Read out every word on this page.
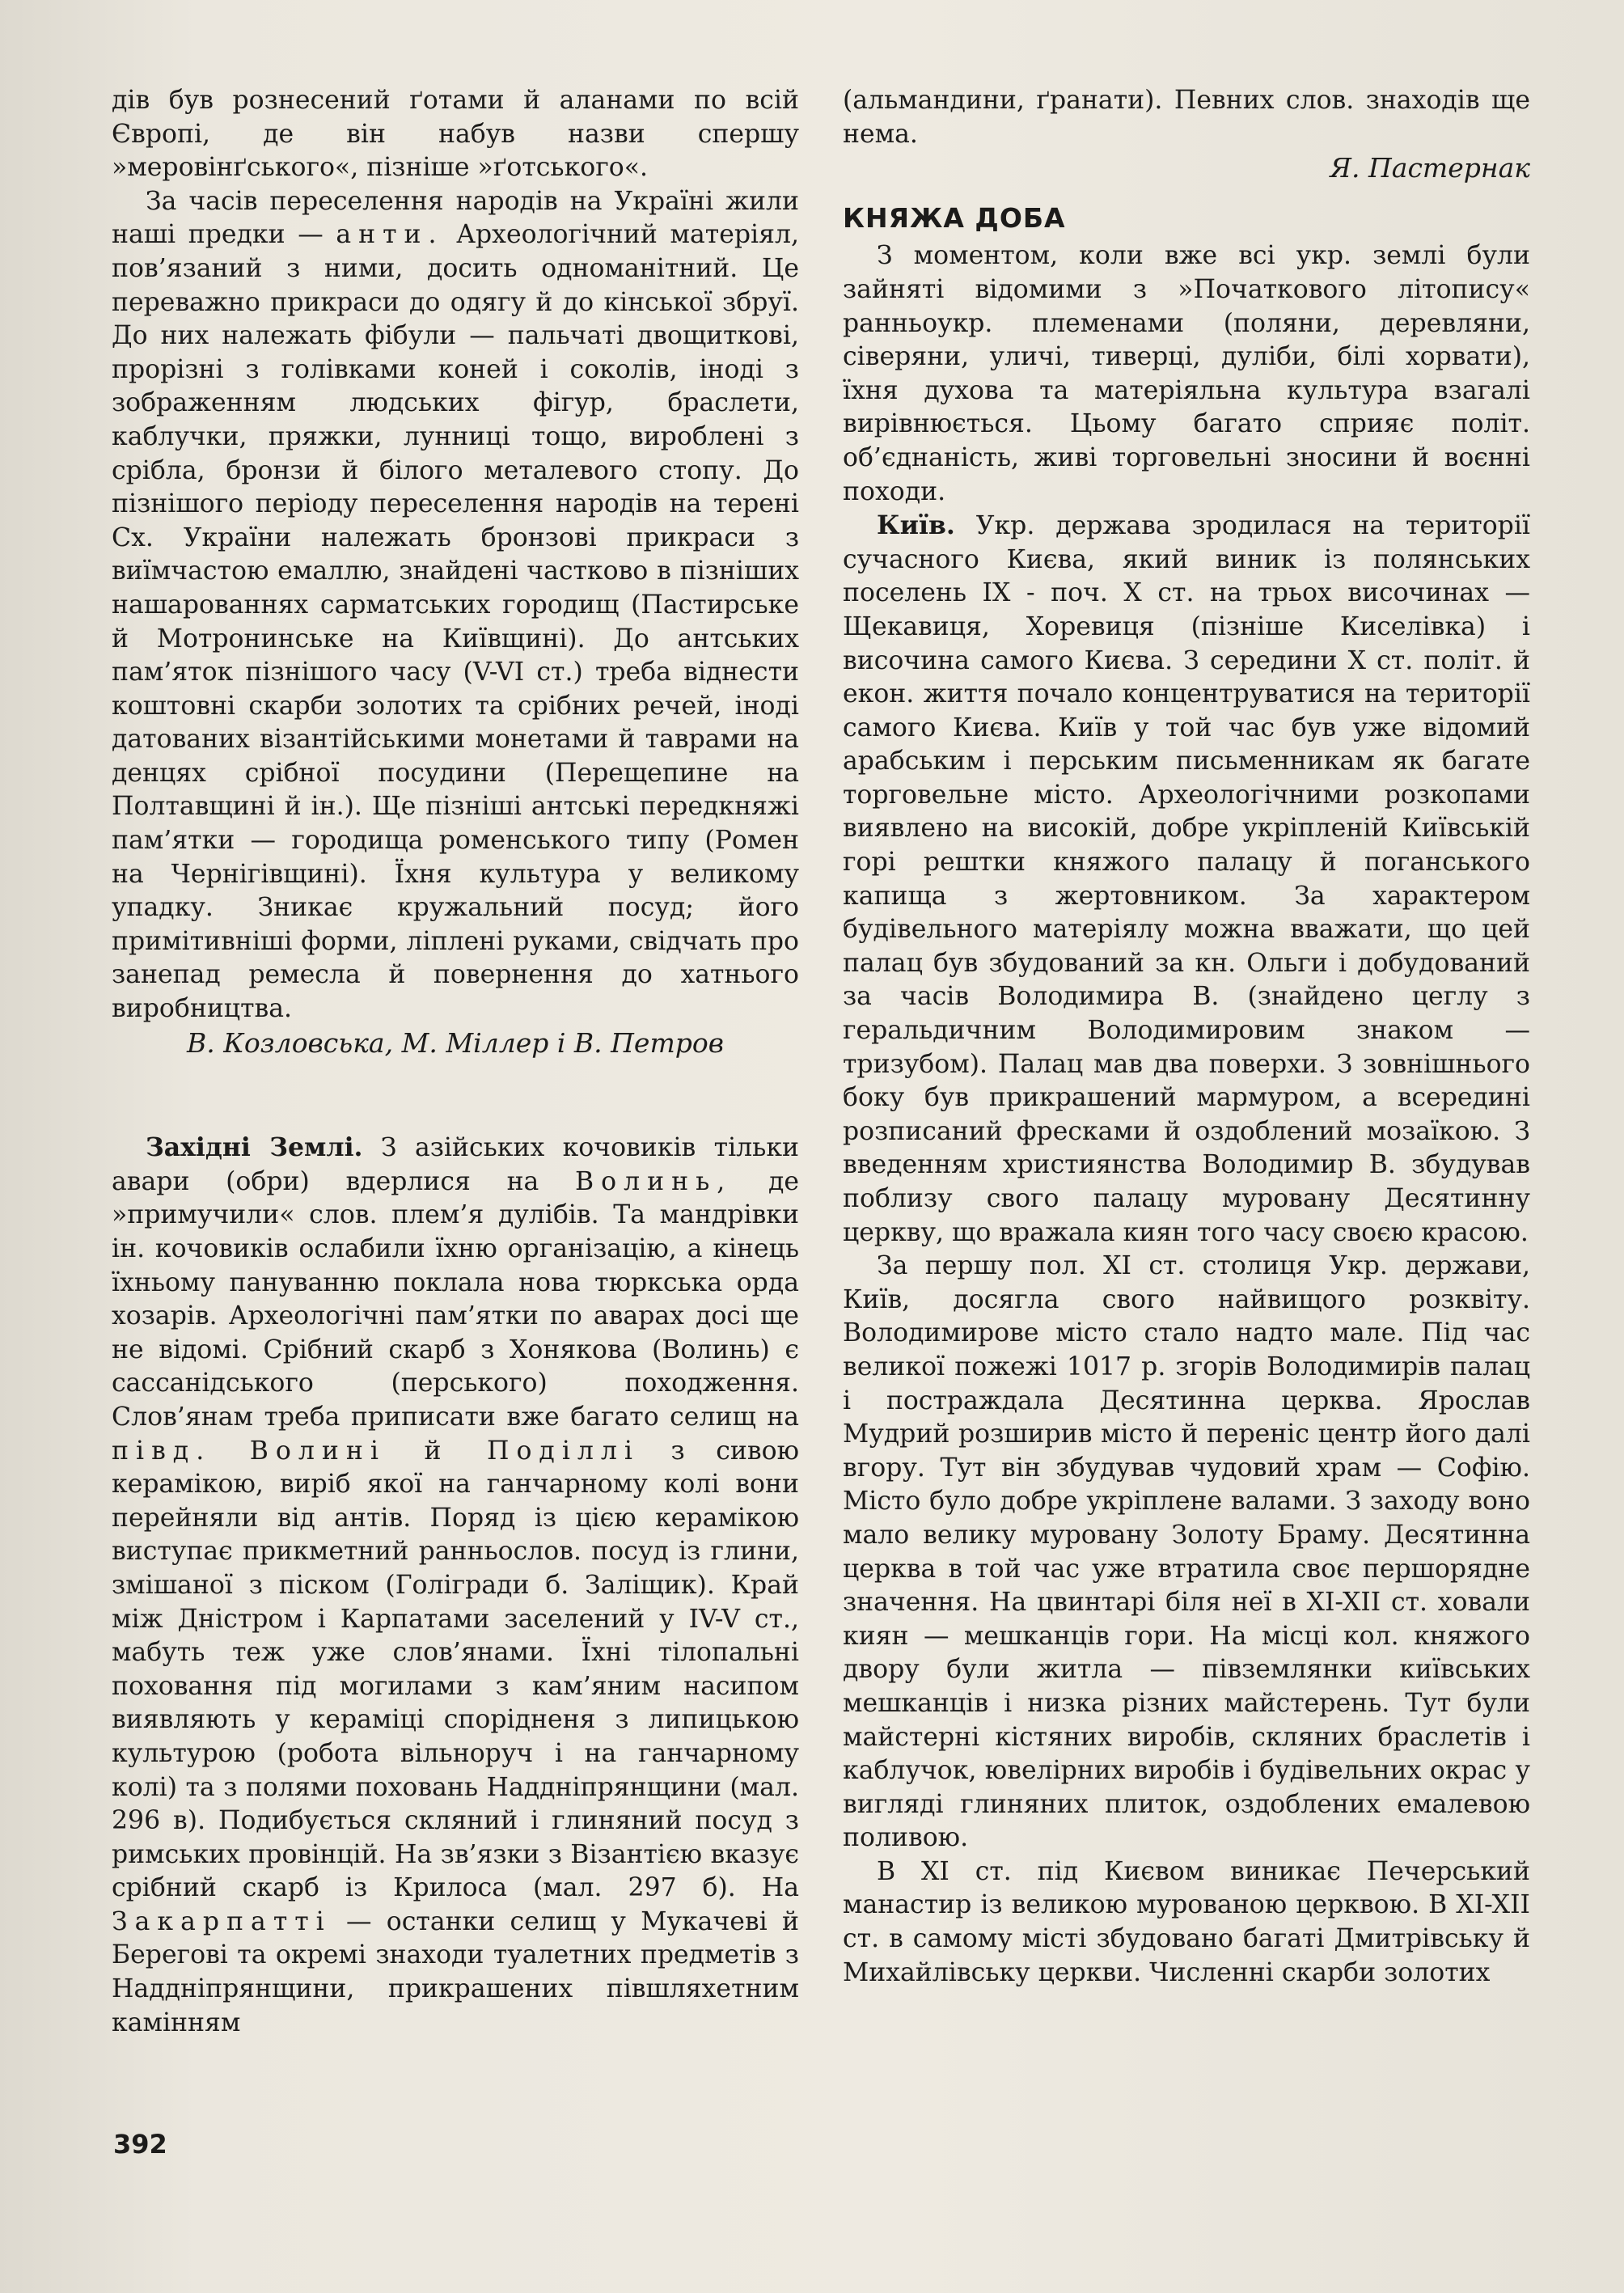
дів був рознесений ґотами й аланами по всій Європі, де він набув назви спершу »меровінґського«, пізніше »ґотського«.

За часів переселення народів на Україні жили наші предки — анти. Археологічний матеріял, пов’язаний з ними, досить одноманітний. Це переважно прикраси до одягу й до кінської збруї. До них належать фібули — пальчаті двощиткові, прорізні з голівками коней і соколів, іноді з зображенням людських фігур, браслети, каблучки, пряжки, лунниці тощо, вироблені з срібла, бронзи й білого металевого стопу. До пізнішого періоду переселення народів на терені Сх. України належать бронзові прикраси з виїмчастою емаллю, знайдені частково в пізніших нашарованнях сарматських городищ (Пастирське й Мотронинське на Київщині). До антських пам’яток пізнішого часу (V-VI ст.) треба віднести коштовні скарби золотих та срібних речей, іноді датованих візантійськими монетами й таврами на денцях срібної посудини (Перещепине на Полтавщині й ін.). Ще пізніші антські передкняжі пам’ятки — городища роменського типу (Ромен на Чернігівщині). Їхня культура у великому упадку. Зникає кружальний посуд; його примітивніші форми, ліплені руками, свідчать про занепад ремесла й повернення до хатнього виробництва.

В. Козловська, М. Міллер і В. Петров

Західні Землі. З азійських кочовиків тільки авари (обри) вдерлися на Волинь, де »примучили« слов. плем’я дулібів. Та мандрівки ін. кочовиків ослабили їхню організацію, а кінець їхньому пануванню поклала нова тюркська орда хозарів. Археологічні пам’ятки по аварах досі ще не відомі. Срібний скарб з Хонякова (Волинь) є сассанідського (перського) походження. Слов’янам треба приписати вже багато селищ на півд. Волині й Поділлі з сивою керамікою, виріб якої на ганчарному колі вони перейняли від антів. Поряд із цією керамікою виступає прикметний ранньослов. посуд із глини, змішаної з піском (Голігради б. Заліщик). Край між Дністром і Карпатами заселений у IV-V ст., мабуть теж уже слов’янами. Їхні тілопальні поховання під могилами з кам’яним насипом виявляють у кераміці спорідненя з липицькою культурою (робота вільноруч і на ганчарному колі) та з полями поховань Наддніпрянщини (мал. 296 в). Подибується скляний і глиняний посуд з римських провінцій. На зв’язки з Візантією вказує срібний скарб із Крилоса (мал. 297 б). На Закарпатті — останки селищ у Мукачеві й Берегові та окремі знаходи туалетних предметів з Наддніпрянщини, прикрашених півшляхетним камінням

(альмандини, ґранати). Певних слов. знаходів ще нема.

Я. Пастернак

КНЯЖА ДОБА

З моментом, коли вже всі укр. землі були зайняті відомими з »Початкового літопису« ранньоукр. племенами (поляни, деревляни, сіверяни, уличі, тиверці, дуліби, білі хорвати), їхня духова та матеріяльна культура взагалі вирівнюється. Цьому багато сприяє політ. об’єднаність, живі торговельні зносини й воєнні походи.

Київ. Укр. держава зродилася на території сучасного Києва, який виник із полянських поселень IX - поч. X ст. на трьох височинах — Щекавиця, Хоревиця (пізніше Киселівка) і височина самого Києва. З середини X ст. політ. й екон. життя почало концентруватися на території самого Києва. Київ у той час був уже відомий арабським і перським письменникам як багате торговельне місто. Археологічними розкопами виявлено на високій, добре укріпленій Київській горі рештки княжого палацу й поганського капища з жертовником. За характером будівельного матеріялу можна вважати, що цей палац був збудований за кн. Ольги і добудований за часів Володимира В. (знайдено цеглу з геральдичним Володимировим знаком — тризубом). Палац мав два поверхи. З зовнішнього боку був прикрашений мармуром, а всередині розписаний фресками й оздоблений мозаїкою. З введенням християнства Володимир В. збудував поблизу свого палацу муровану Десятинну церкву, що вражала киян того часу своєю красою.

За першу пол. XI ст. столиця Укр. держави, Київ, досягла свого найвищого розквіту. Володимирове місто стало надто мале. Під час великої пожежі 1017 р. згорів Володимирів палац і постраждала Десятинна церква. Ярослав Мудрий розширив місто й переніс центр його далі вгору. Тут він збудував чудовий храм — Софію. Місто було добре укріплене валами. З заходу воно мало велику муровану Золоту Браму. Десятинна церква в той час уже втратила своє першорядне значення. На цвинтарі біля неї в XI-XII ст. ховали киян — мешканців гори. На місці кол. княжого двору були житла — півземлянки київських мешканців і низка різних майстерень. Тут були майстерні кістяних виробів, скляних браслетів і каблучок, ювелірних виробів і будівельних окрас у вигляді глиняних плиток, оздоблених емалевою поливою.

В XI ст. під Києвом виникає Печерський манастир із великою мурованою церквою. В XI-XII ст. в самому місті збудовано багаті Дмитрівську й Михайлівську церкви. Численні скарби золотих

392
